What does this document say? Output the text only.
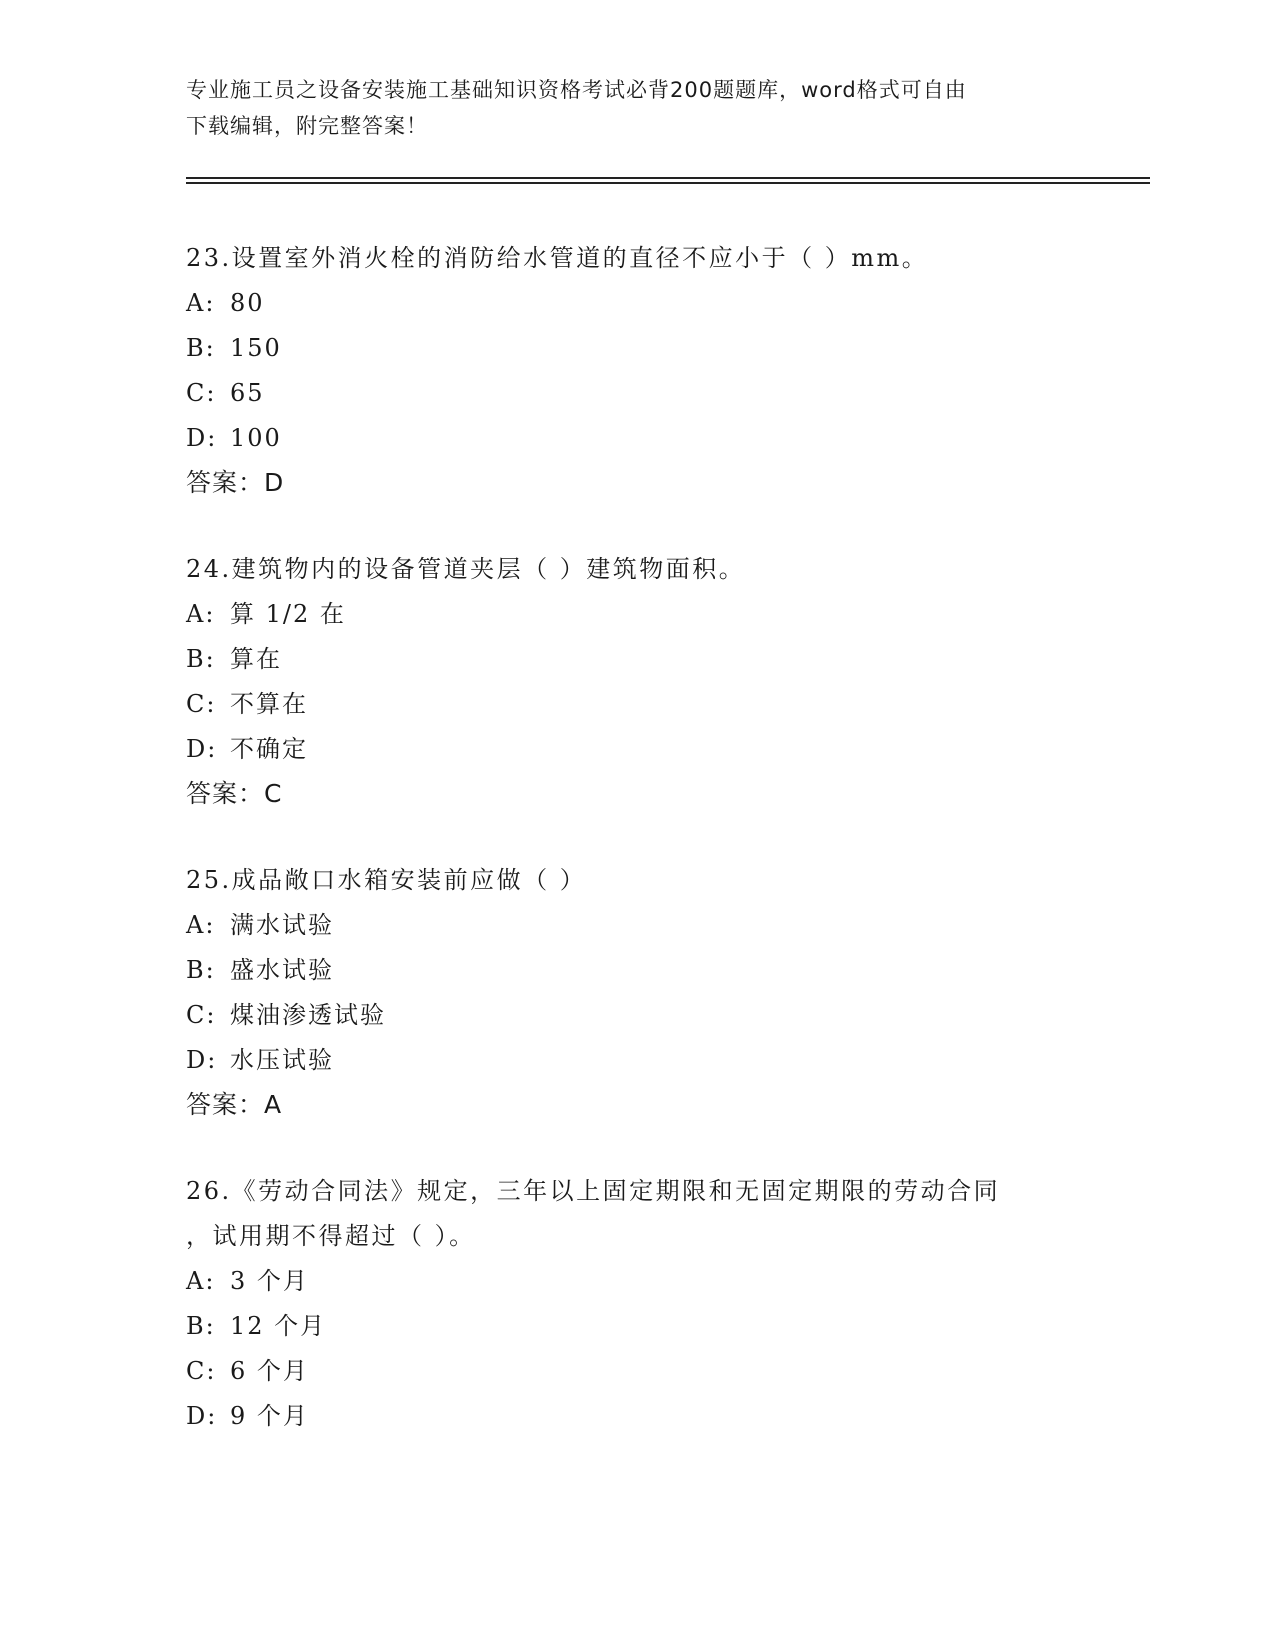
专业施工员之设备安装施工基础知识资格考试必背200题题库，word格式可自由
下载编辑，附完整答案！
23.设置室外消火栓的消防给水管道的直径不应小于（ ）mm。
A: 80
B: 150
C: 65
D: 100
答案：D
24.建筑物内的设备管道夹层（ ）建筑物面积。
A: 算 1/2 在
B: 算在
C: 不算在
D: 不确定
答案：C
25.成品敞口水箱安装前应做（ ）
A: 满水试验
B: 盛水试验
C: 煤油渗透试验
D: 水压试验
答案：A
26.《劳动合同法》规定，三年以上固定期限和无固定期限的劳动合同
，试用期不得超过（ ）。
A: 3 个月
B: 12 个月
C: 6 个月
D: 9 个月
